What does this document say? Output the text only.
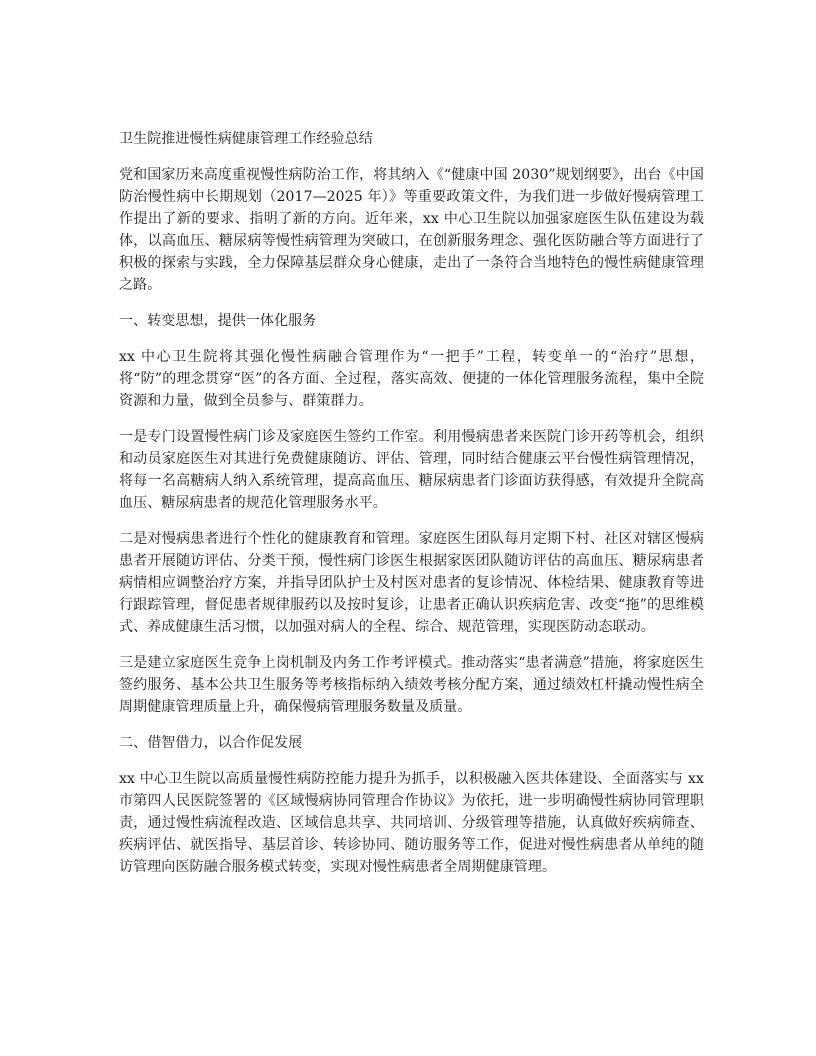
卫生院推进慢性病健康管理工作经验总结

党和国家历来高度重视慢性病防治工作，将其纳入《“健康中国 2030”规划纲要》，出台《中国防治慢性病中长期规划（2017—2025 年）》等重要政策文件，为我们进一步做好慢病管理工作提出了新的要求、指明了新的方向。近年来，xx 中心卫生院以加强家庭医生队伍建设为载体，以高血压、糖尿病等慢性病管理为突破口，在创新服务理念、强化医防融合等方面进行了积极的探索与实践，全力保障基层群众身心健康，走出了一条符合当地特色的慢性病健康管理之路。

一、转变思想，提供一体化服务

xx 中心卫生院将其强化慢性病融合管理作为“一把手”工程，转变单一的“治疗”思想，将“防”的理念贯穿“医”的各方面、全过程，落实高效、便捷的一体化管理服务流程，集中全院资源和力量，做到全员参与、群策群力。

一是专门设置慢性病门诊及家庭医生签约工作室。利用慢病患者来医院门诊开药等机会，组织和动员家庭医生对其进行免费健康随访、评估、管理，同时结合健康云平台慢性病管理情况，将每一名高糖病人纳入系统管理，提高高血压、糖尿病患者门诊面访获得感，有效提升全院高血压、糖尿病患者的规范化管理服务水平。

二是对慢病患者进行个性化的健康教育和管理。家庭医生团队每月定期下村、社区对辖区慢病患者开展随访评估、分类干预，慢性病门诊医生根据家医团队随访评估的高血压、糖尿病患者病情相应调整治疗方案，并指导团队护士及村医对患者的复诊情况、体检结果、健康教育等进行跟踪管理，督促患者规律服药以及按时复诊，让患者正确认识疾病危害、改变“拖”的思维模式、养成健康生活习惯，以加强对病人的全程、综合、规范管理，实现医防动态联动。

三是建立家庭医生竞争上岗机制及内务工作考评模式。推动落实“患者满意”措施，将家庭医生签约服务、基本公共卫生服务等考核指标纳入绩效考核分配方案，通过绩效杠杆撬动慢性病全周期健康管理质量上升，确保慢病管理服务数量及质量。

二、借智借力，以合作促发展

xx 中心卫生院以高质量慢性病防控能力提升为抓手，以积极融入医共体建设、全面落实与 xx 市第四人民医院签署的《区域慢病协同管理合作协议》为依托，进一步明确慢性病协同管理职责，通过慢性病流程改造、区域信息共享、共同培训、分级管理等措施，认真做好疾病筛查、疾病评估、就医指导、基层首诊、转诊协同、随访服务等工作，促进对慢性病患者从单纯的随访管理向医防融合服务模式转变，实现对慢性病患者全周期健康管理。
